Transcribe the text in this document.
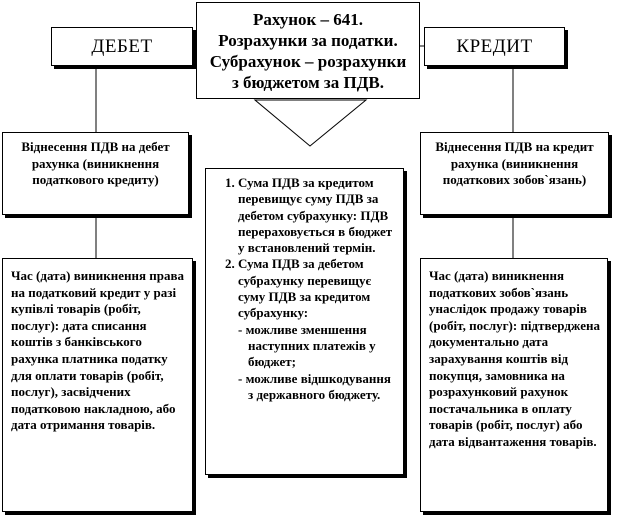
Рахунок – 641.
Розрахунки за податки.
Субрахунок – розрахунки
з бюджетом за ПДВ.
ДЕБЕТ	КРЕДИТ
Віднесення ПДВ на дебет рахунка (виникнення податкового кредиту)
Віднесення ПДВ на кредит рахунка (виникнення податкових зобов`язань)
1. Сума ПДВ за кредитом перевищує суму ПДВ за дебетом субрахунку: ПДВ перераховується в бюджет у встановлений термін.
2. Сума ПДВ за дебетом субрахунку перевищує суму ПДВ за кредитом субрахунку:
- можливе зменшення наступних платежів у бюджет;
- можливе відшкодування з державного бюджету.
Час (дата) виникнення права на податковий кредит у разі купівлі товарів (робіт, послуг): дата списання коштів з банківського рахунка платника податку для оплати товарів (робіт, послуг), засвідчених податковою накладною, або дата отримання товарів.
Час (дата) виникнення податкових зобов`язань унаслідок продажу товарів (робіт, послуг): підтверджена документально дата зарахування коштів від покупця, замовника на розрахунковий рахунок постачальника в оплату товарів (робіт, послуг) або дата відвантаження товарів.
